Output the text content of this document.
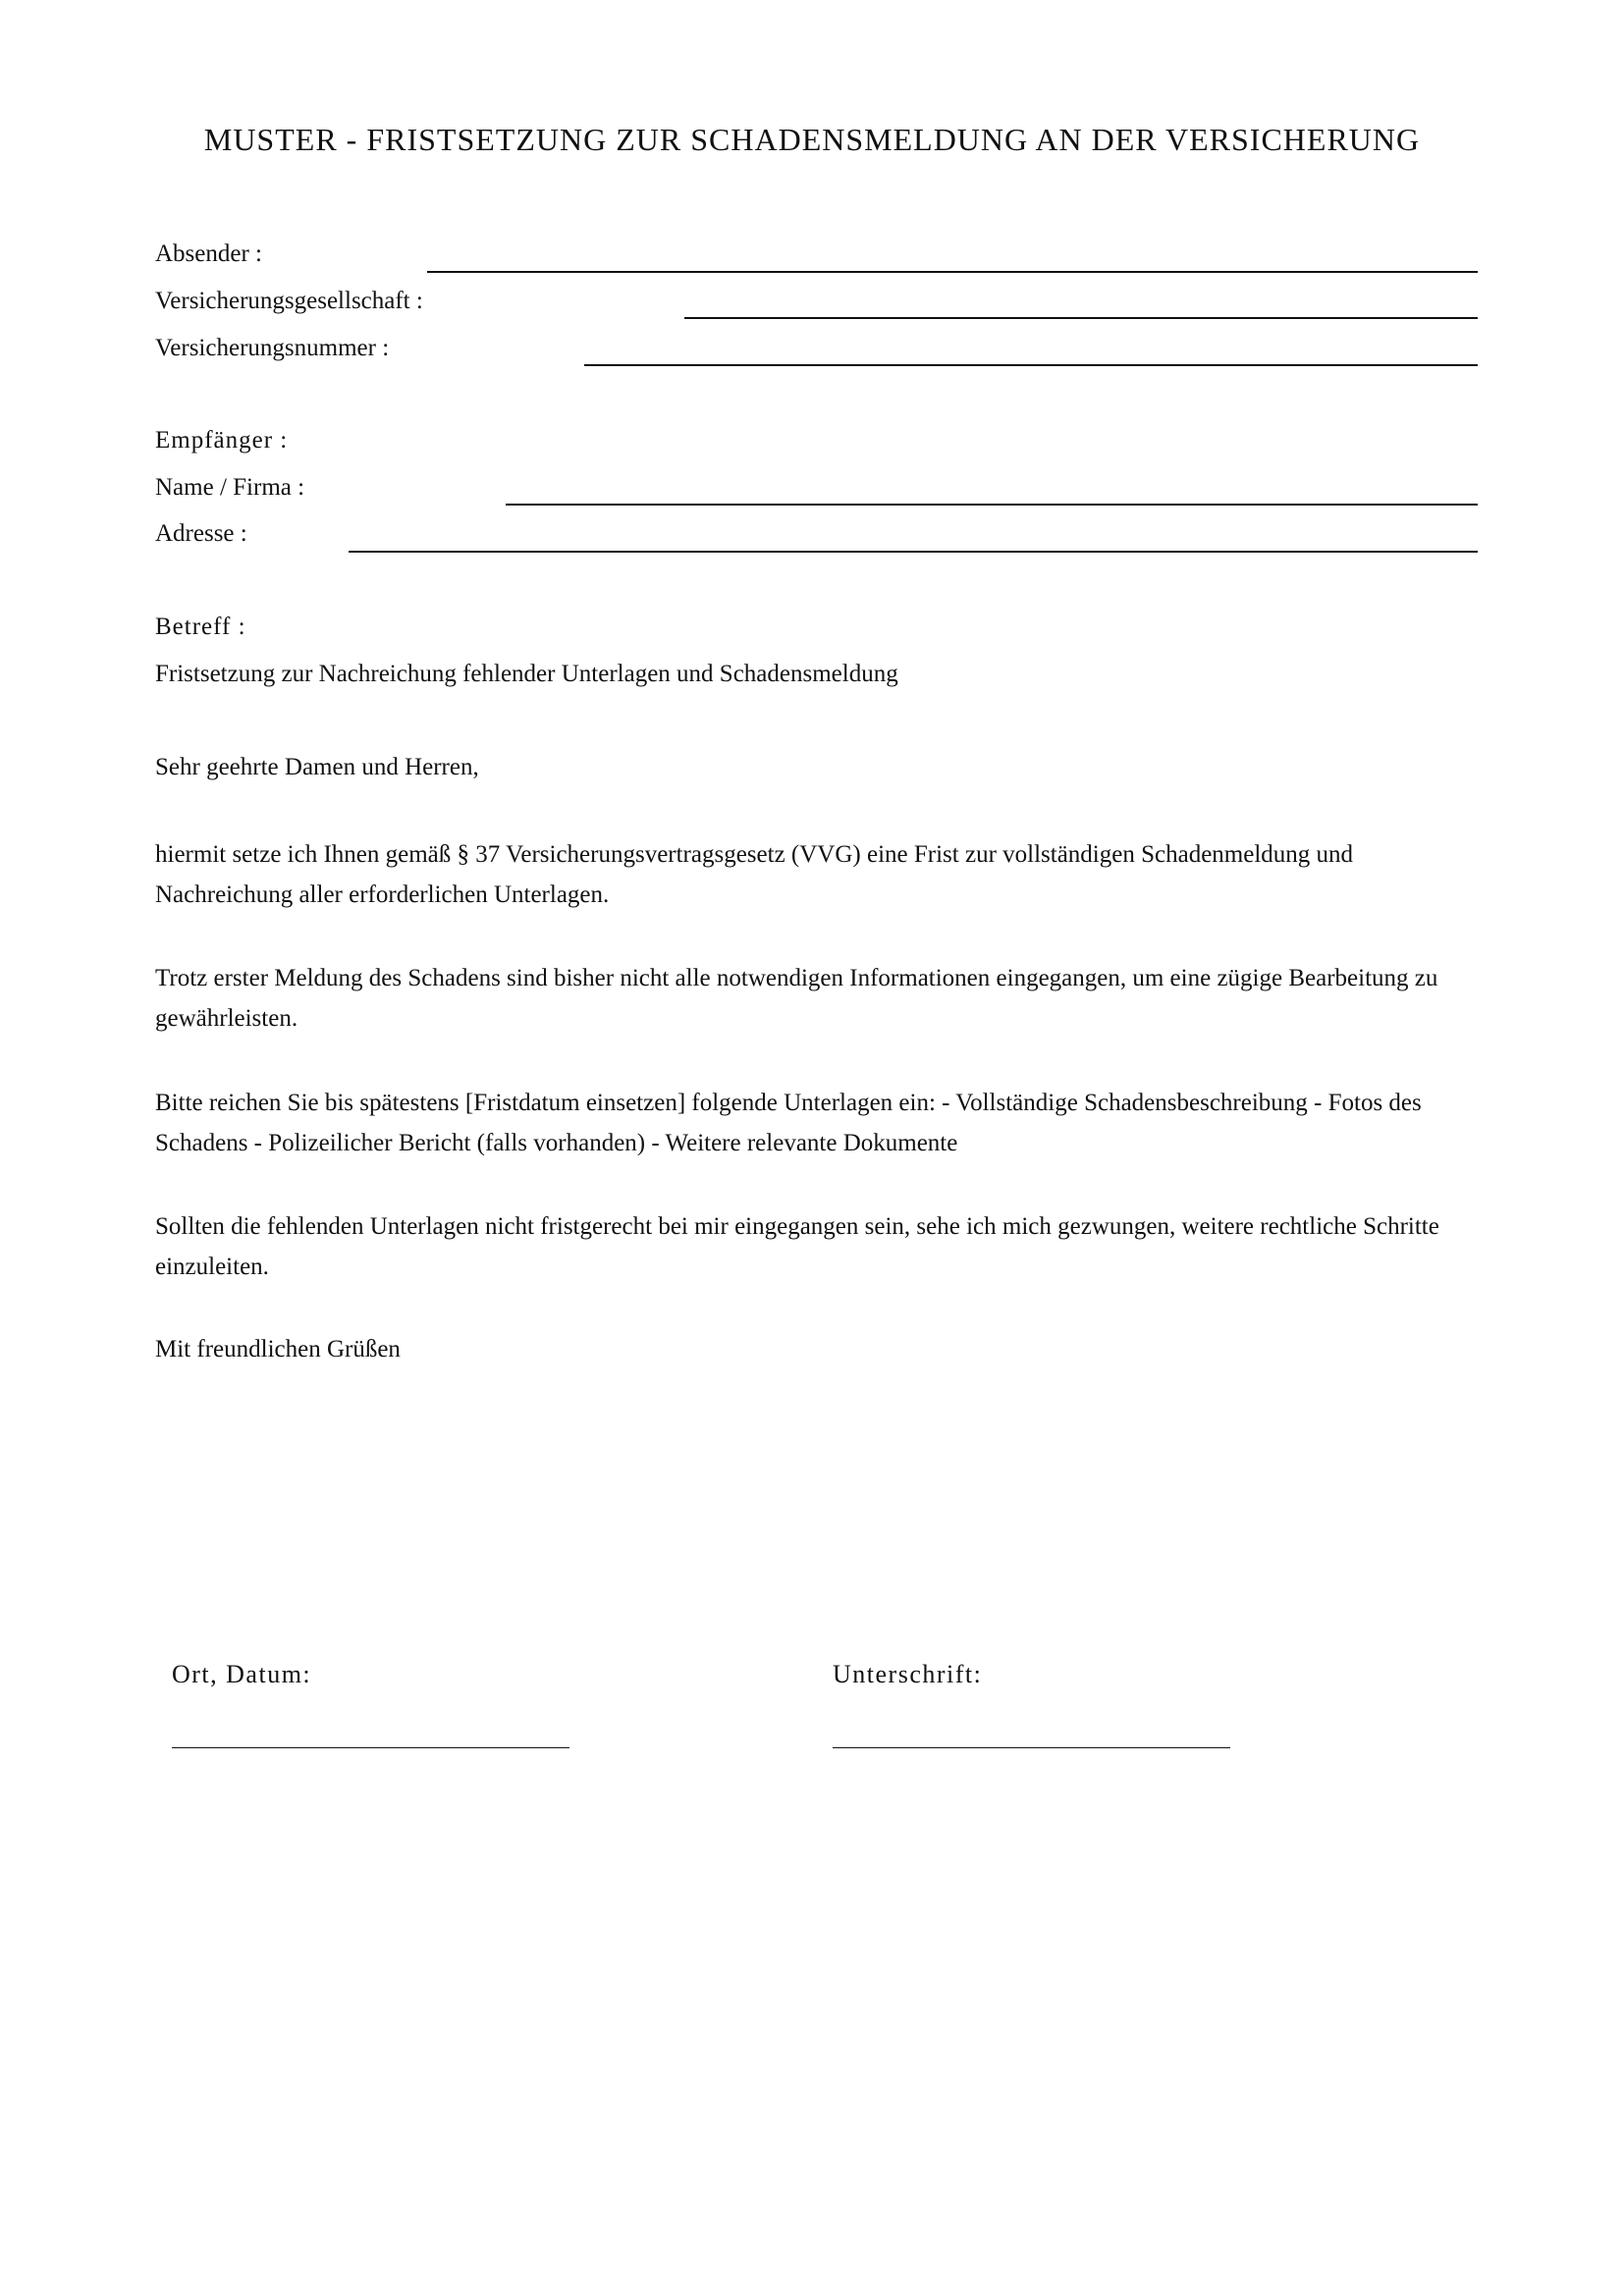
MUSTER - FRISTSETZUNG ZUR SCHADENSMELDUNG AN DER VERSICHERUNG
Absender :
Versicherungsgesellschaft :
Versicherungsnummer :
Empfänger :
Name / Firma :
Adresse :
Betreff :
Fristsetzung zur Nachreichung fehlender Unterlagen und Schadensmeldung
Sehr geehrte Damen und Herren,
hiermit setze ich Ihnen gemäß § 37 Versicherungsvertragsgesetz (VVG) eine Frist zur vollständigen Schadenmeldung und Nachreichung aller erforderlichen Unterlagen.
Trotz erster Meldung des Schadens sind bisher nicht alle notwendigen Informationen eingegangen, um eine zügige Bearbeitung zu gewährleisten.
Bitte reichen Sie bis spätestens [Fristdatum einsetzen] folgende Unterlagen ein: - Vollständige Schadensbeschreibung - Fotos des Schadens - Polizeilicher Bericht (falls vorhanden) - Weitere relevante Dokumente
Sollten die fehlenden Unterlagen nicht fristgerecht bei mir eingegangen sein, sehe ich mich gezwungen, weitere rechtliche Schritte einzuleiten.
Mit freundlichen Grüßen
Ort, Datum:	Unterschrift:
